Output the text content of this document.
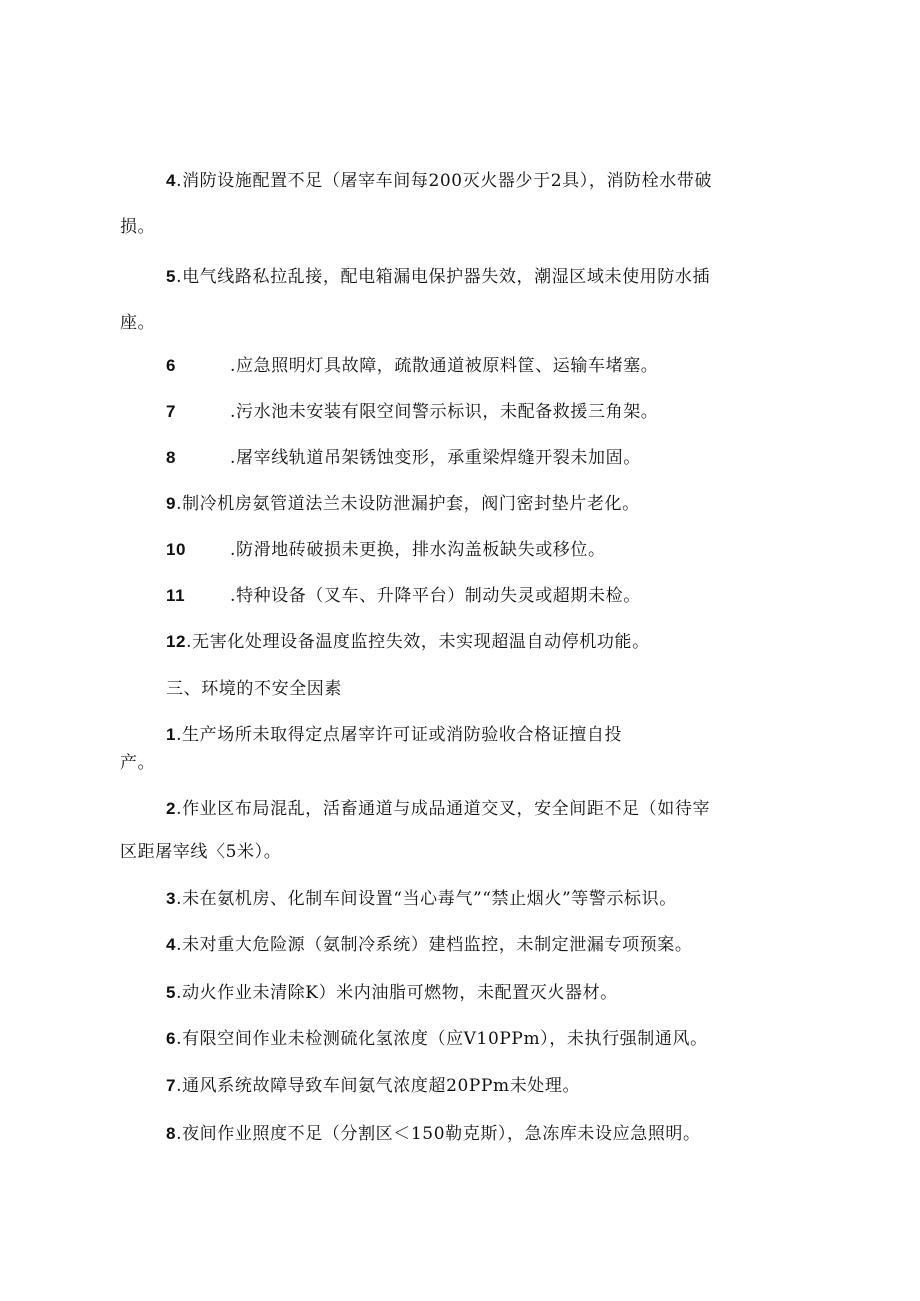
4.消防设施配置不足（屠宰车间每200灭火器少于2具），消防栓水带破
损。
5.电气线路私拉乱接，配电箱漏电保护器失效，潮湿区域未使用防水插
座。
6	.应急照明灯具故障，疏散通道被原料筐、运输车堵塞。
7	.污水池未安装有限空间警示标识，未配备救援三角架。
8	.屠宰线轨道吊架锈蚀变形，承重梁焊缝开裂未加固。
9.制冷机房氨管道法兰未设防泄漏护套，阀门密封垫片老化。
10	.防滑地砖破损未更换，排水沟盖板缺失或移位。
11	.特种设备（叉车、升降平台）制动失灵或超期未检。
12.无害化处理设备温度监控失效，未实现超温自动停机功能。
三、环境的不安全因素
1.生产场所未取得定点屠宰许可证或消防验收合格证擅自投
产。
2.作业区布局混乱，活畜通道与成品通道交叉，安全间距不足（如待宰
区距屠宰线〈5米）。
3.未在氨机房、化制车间设置“当心毒气”“禁止烟火”等警示标识。
4.未对重大危险源（氨制冷系统）建档监控，未制定泄漏专项预案。
5.动火作业未清除K）米内油脂可燃物，未配置灭火器材。
6.有限空间作业未检测硫化氢浓度（应V10PPm），未执行强制通风。
7.通风系统故障导致车间氨气浓度超20PPm未处理。
8.夜间作业照度不足（分割区＜150勒克斯），急冻库未设应急照明。
